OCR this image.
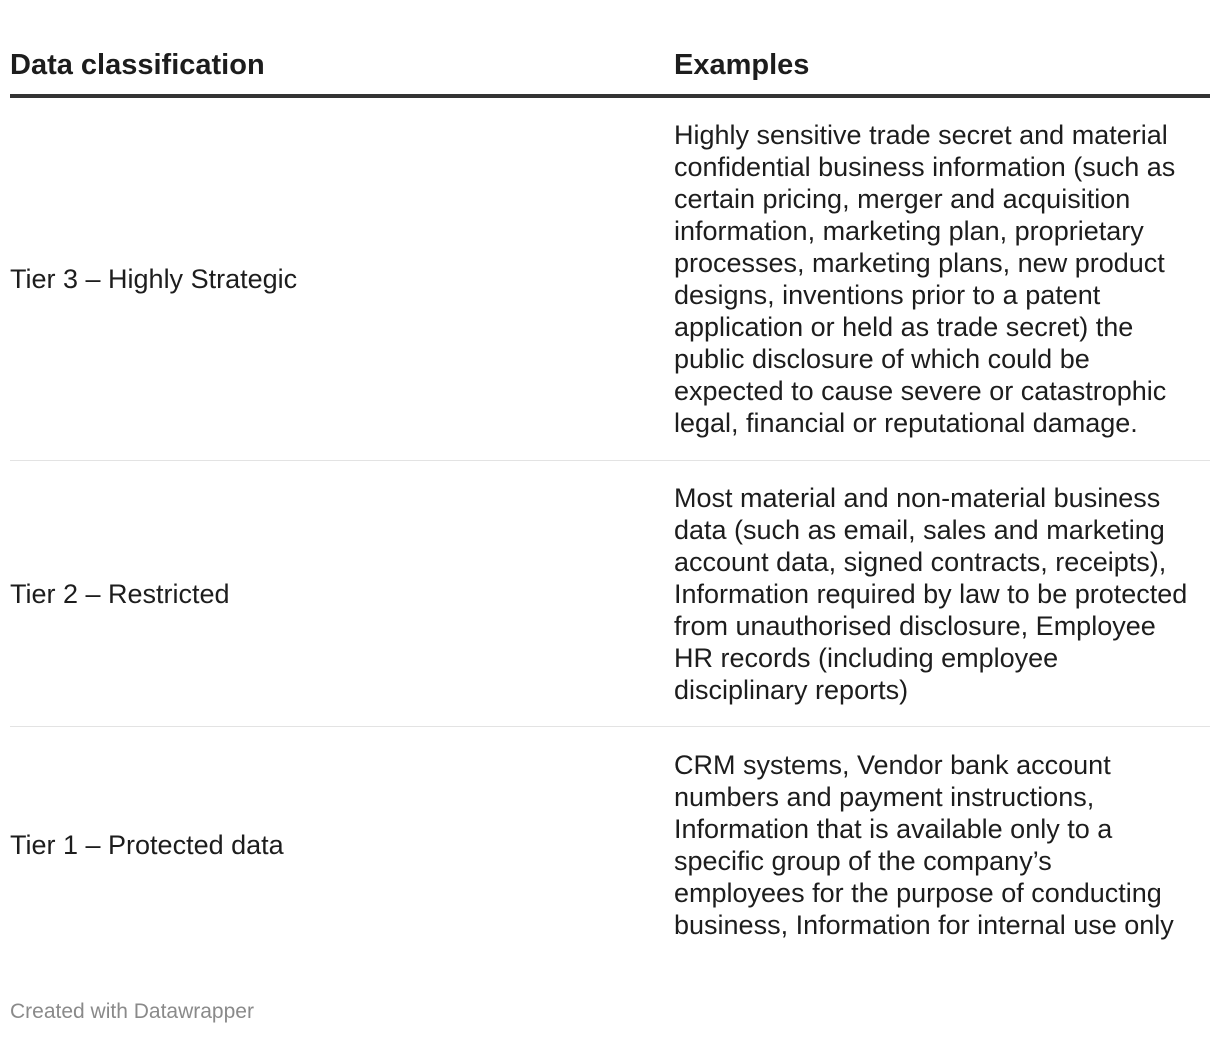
Data classification	Examples
Tier 3 – Highly Strategic
Highly sensitive trade secret and material
confidential business information (such as
certain pricing, merger and acquisition
information, marketing plan, proprietary
processes, marketing plans, new product
designs, inventions prior to a patent
application or held as trade secret) the
public disclosure of which could be
expected to cause severe or catastrophic
legal, financial or reputational damage.
Tier 2 – Restricted
Most material and non-material business
data (such as email, sales and marketing
account data, signed contracts, receipts),
Information required by law to be protected
from unauthorised disclosure, Employee
HR records (including employee
disciplinary reports)
Tier 1 – Protected data
CRM systems, Vendor bank account
numbers and payment instructions,
Information that is available only to a
specific group of the company’s
employees for the purpose of conducting
business, Information for internal use only
Created with Datawrapper
